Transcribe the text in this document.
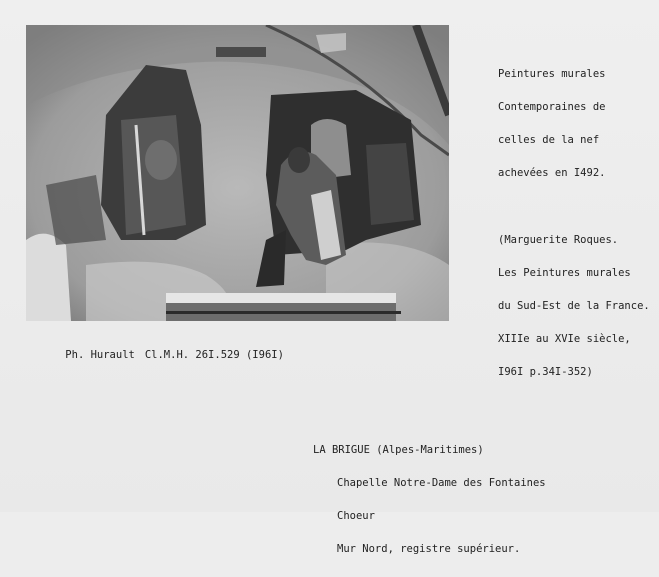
Peintures murales

Contemporaines de

celles de la nef

achevées en I492.

(Marguerite Roques.

Les Peintures murales

du Sud-Est de la France.

XIIIe au XVIe siècle,

I96I p.34I-352)

Ph. Hurault Cl.M.H. 26I.529 (I96I)

LA BRIGUE (Alpes-Maritimes)

Chapelle Notre-Dame des Fontaines

Choeur

Mur Nord, registre supérieur.
